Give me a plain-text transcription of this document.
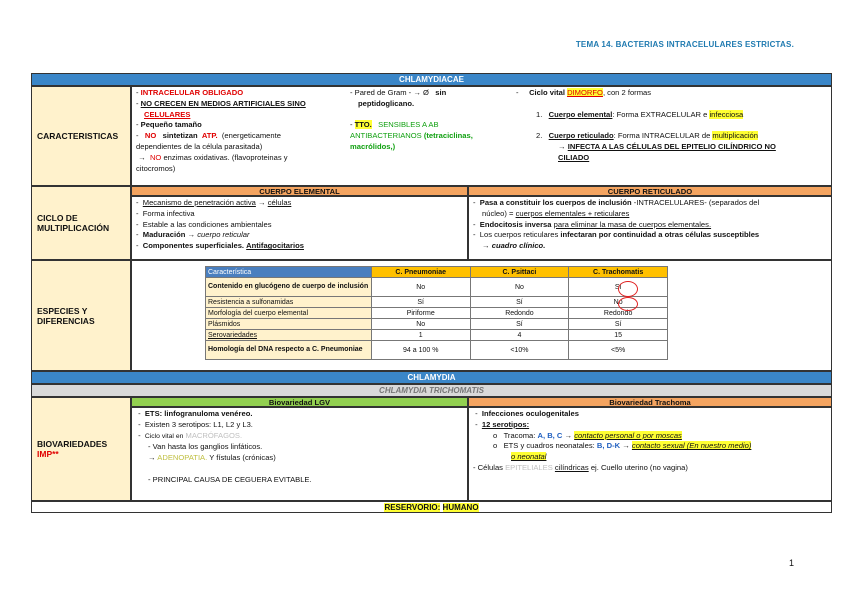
TEMA 14. BACTERIAS INTRACELULARES ESTRICTAS.
CHLAMYDIACAE
CARACTERISTICAS
- INTRACELULAR OBLIGADO
- NO CRECEN EN MEDIOS ARTIFICIALES SINO
CELULARES
- Pequeño tamaño
-   NO sintetizan ATP. (energeticamente
dependientes de la célula parasitada)
→  NO enzimas oxidativas. (flavoproteinas y
citocromos)
- Pared de Gram - → Ø sin
peptidoglicano.

- TTO. SENSIBLES A AB
ANTIBACTERIANOS (tetraciclinas,
macrólidos,)
-     Ciclo vital DIMORFO, con 2 formas

1.   Cuerpo elemental: Forma EXTRACELULAR e infecciosa

2.   Cuerpo reticulado: Forma INTRACELULAR de multiplicación
→ INFECTA A LAS CÉLULAS DEL EPITELIO CILÍNDRICO NO
CILIADO
CICLO DE
MULTIPLICACIÓN
CUERPO ELEMENTAL	CUERPO RETICULADO
-  Mecanismo de penetración activa → células
-  Forma infectiva
-  Estable a las condiciones ambientales
-  Maduración → cuerpo reticular
-  Componentes superficiales. Antifagocitarios
-  Pasa a constituir los cuerpos de inclusión -INTRACELULARES- (separados del
núcleo) = cuerpos elementales + reticulares
-  Endocitosis inversa para eliminar la masa de cuerpos elementales.
-  Los cuerpos reticulares infectaran por continuidad a otras células susceptibles
→ cuadro clínico.
ESPECIES Y
DIFERENCIAS
Característica	C. Pneumoniae	C. Psittaci	C. Trachomatis
Contenido en glucógeno de cuerpo de inclusión	No	No	Sí
Resistencia a sulfonamidas	Sí	Sí	No
Morfología del cuerpo elemental	Piriforme	Redondo	Redondo
Plásmidos	No	Sí	Sí
Serovariedades	1	4	15
Homología del DNA respecto a C. Pneumoniae	94 a 100 %	<10%	<5%
CHLAMYDIA
CHLAMYDIA TRICHOMATIS
BIOVARIEDADES
IMP**
Biovariedad LGV	Biovariedad Trachoma
-  ETS: linfogranuloma venéreo.
-  Existen 3 serotipos: L1, L2 y L3.
-  Ciclo vital en MACRÓFAGOS.
- Van hasta los ganglios linfáticos.
→ ADENOPATIA. Y fístulas (crónicas)

- PRINCIPAL CAUSA DE CEGUERA EVITABLE.
-  Infecciones oculogenitales
-  12 serotipos:
o   Tracoma: A, B, C → contacto personal o por moscas
o   ETS y cuadros neonatales: B, D-K → contacto sexual (En nuestro medio)
o neonatal
- Células EPITELIALES cilíndricas ej. Cuello uterino (no vagina)
RESERVORIO: HUMANO
1
